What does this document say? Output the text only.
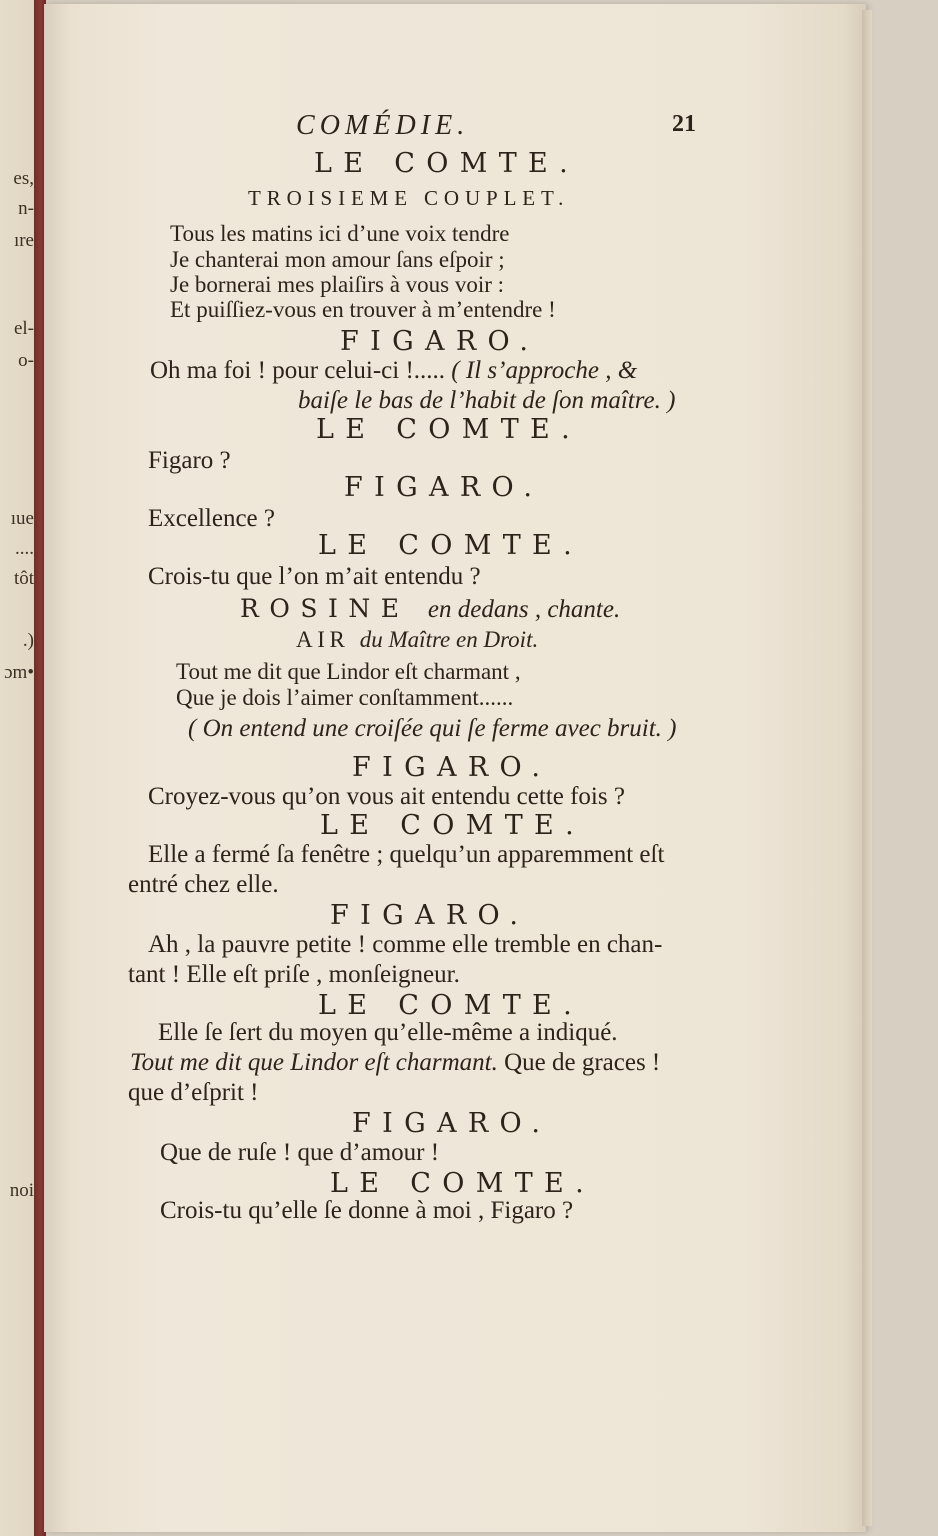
es,
n-
ıre
el-
o-
ıue
....
tôt
.)
ɔm•
noi
COMÉDIE.	21
LE COMTE.
TROISIEME COUPLET.
Tous les matins ici d’une voix tendre
Je chanterai mon amour ſans eſpoir ;
Je bornerai mes plaiſirs à vous voir :
Et puiſſiez-vous en trouver à m’entendre !
FIGARO.
Oh ma foi ! pour celui-ci !..... ( Il s’approche , &
baiſe le bas de l’habit de ſon maître. )
LE COMTE.
Figaro ?
FIGARO.
Excellence ?
LE COMTE.
Crois-tu que l’on m’ait entendu ?
ROSINE en dedans , chante.
AIR du Maître en Droit.
Tout me dit que Lindor eſt charmant ,
Que je dois l’aimer conſtamment......
( On entend une croiſée qui ſe ferme avec bruit. )
FIGARO.
Croyez-vous qu’on vous ait entendu cette fois ?
LE COMTE.
Elle a fermé ſa fenêtre ; quelqu’un apparemment eſt
entré chez elle.
FIGARO.
Ah , la pauvre petite ! comme elle tremble en chan-
tant ! Elle eſt priſe , monſeigneur.
LE COMTE.
Elle ſe ſert du moyen qu’elle-même a indiqué.
Tout me dit que Lindor eſt charmant. Que de graces !
que d’eſprit !
FIGARO.
Que de ruſe ! que d’amour !
LE COMTE.
Crois-tu qu’elle ſe donne à moi , Figaro ?
